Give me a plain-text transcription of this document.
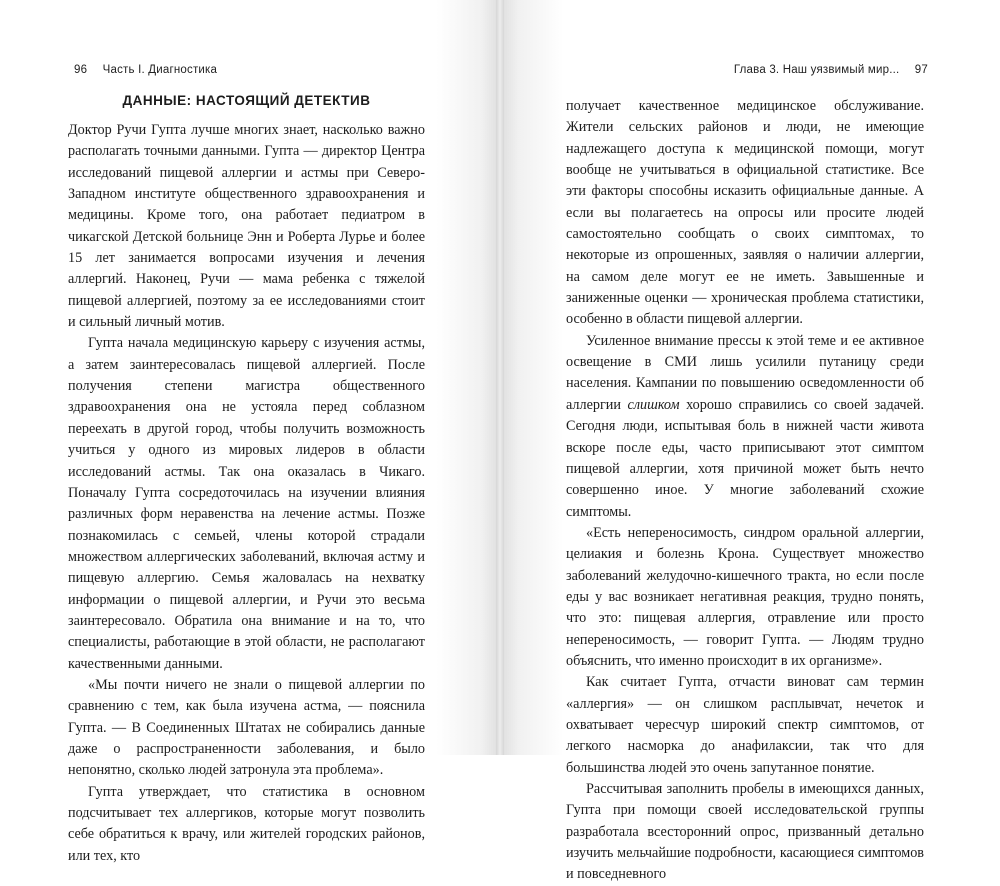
96 Часть I. Диагностика
ДАННЫЕ: НАСТОЯЩИЙ ДЕТЕКТИВ

Доктор Ручи Гупта лучше многих знает, насколько важно располагать точными данными. Гупта — директор Центра исследований пищевой аллергии и астмы при Северо-Западном институте общественного здравоохранения и медицины. Кроме того, она работает педиатром в чикагской Детской больнице Энн и Роберта Лурье и более 15 лет занимается вопросами изучения и лечения аллергий. Наконец, Ручи — мама ребенка с тяжелой пищевой аллергией, поэтому за ее исследованиями стоит и сильный личный мотив.

Гупта начала медицинскую карьеру с изучения астмы, а затем заинтересовалась пищевой аллергией. После получения степени магистра общественного здравоохранения она не устояла перед соблазном переехать в другой город, чтобы получить возможность учиться у одного из мировых лидеров в области исследований астмы. Так она оказалась в Чикаго. Поначалу Гупта сосредоточилась на изучении влияния различных форм неравенства на лечение астмы. Позже познакомилась с семьей, члены которой страдали множеством аллергических заболеваний, включая астму и пищевую аллергию. Семья жаловалась на нехватку информации о пищевой аллергии, и Ручи это весьма заинтересовало. Обратила она внимание и на то, что специалисты, работающие в этой области, не располагают качественными данными.

«Мы почти ничего не знали о пищевой аллергии по сравнению с тем, как была изучена астма, — пояснила Гупта. — В Соединенных Штатах не собирались данные даже о распространенности заболевания, и было непонятно, сколько людей затронула эта проблема».

Гупта утверждает, что статистика в основном подсчитывает тех аллергиков, которые могут позволить себе обратиться к врачу, или жителей городских районов, или тех, кто

Глава 3. Наш уязвимый мир... 97

получает качественное медицинское обслуживание. Жители сельских районов и люди, не имеющие надлежащего доступа к медицинской помощи, могут вообще не учитываться в официальной статистике. Все эти факторы способны исказить официальные данные. А если вы полагаетесь на опросы или просите людей самостоятельно сообщать о своих симптомах, то некоторые из опрошенных, заявляя о наличии аллергии, на самом деле могут ее не иметь. Завышенные и заниженные оценки — хроническая проблема статистики, особенно в области пищевой аллергии.

Усиленное внимание прессы к этой теме и ее активное освещение в СМИ лишь усилили путаницу среди населения. Кампании по повышению осведомленности об аллергии слишком хорошо справились со своей задачей. Сегодня люди, испытывая боль в нижней части живота вскоре после еды, часто приписывают этот симптом пищевой аллергии, хотя причиной может быть нечто совершенно иное. У многие заболеваний схожие симптомы.

«Есть непереносимость, синдром оральной аллергии, целиакия и болезнь Крона. Существует множество заболеваний желудочно-кишечного тракта, но если после еды у вас возникает негативная реакция, трудно понять, что это: пищевая аллергия, отравление или просто непереносимость, — говорит Гупта. — Людям трудно объяснить, что именно происходит в их организме».

Как считает Гупта, отчасти виноват сам термин «аллергия» — он слишком расплывчат, нечеток и охватывает чересчур широкий спектр симптомов, от легкого насморка до анафилаксии, так что для большинства людей это очень запутанное понятие.

Рассчитывая заполнить пробелы в имеющихся данных, Гупта при помощи своей исследовательской группы разработала всесторонний опрос, призванный детально изучить мельчайшие подробности, касающиеся симптомов и повседневного
